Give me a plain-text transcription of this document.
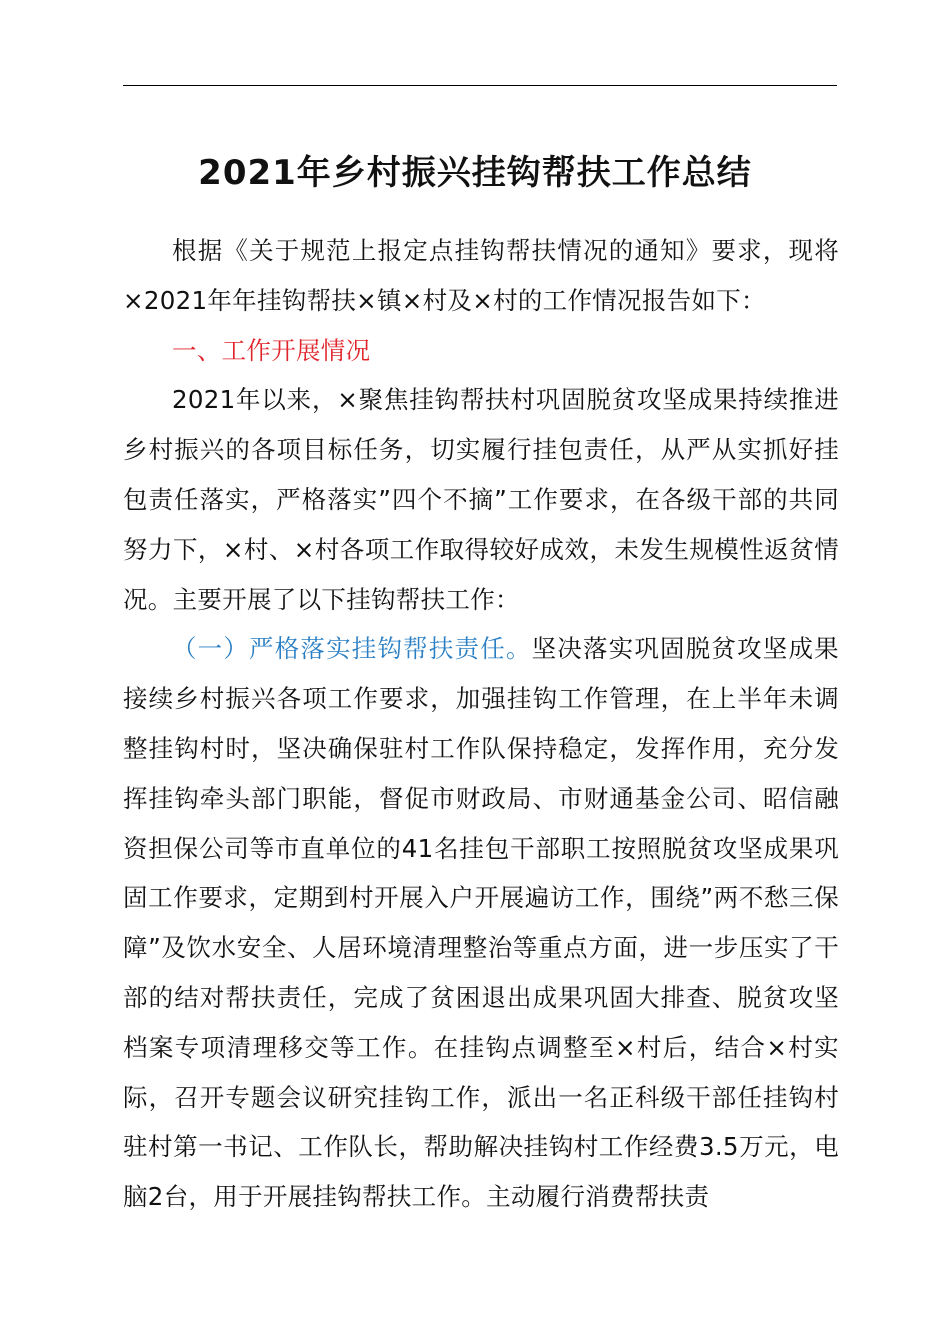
2021年乡村振兴挂钩帮扶工作总结

根据《关于规范上报定点挂钩帮扶情况的通知》要求，现将×2021年年挂钩帮扶×镇×村及×村的工作情况报告如下：

一、工作开展情况

2021年以来，×聚焦挂钩帮扶村巩固脱贫攻坚成果持续推进乡村振兴的各项目标任务，切实履行挂包责任，从严从实抓好挂包责任落实，严格落实”四个不摘”工作要求，在各级干部的共同努力下，×村、×村各项工作取得较好成效，未发生规模性返贫情况。主要开展了以下挂钩帮扶工作：

（一）严格落实挂钩帮扶责任。坚决落实巩固脱贫攻坚成果接续乡村振兴各项工作要求，加强挂钩工作管理，在上半年未调整挂钩村时，坚决确保驻村工作队保持稳定，发挥作用，充分发挥挂钩牵头部门职能，督促市财政局、市财通基金公司、昭信融资担保公司等市直单位的41名挂包干部职工按照脱贫攻坚成果巩固工作要求，定期到村开展入户开展遍访工作，围绕”两不愁三保障”及饮水安全、人居环境清理整治等重点方面，进一步压实了干部的结对帮扶责任，完成了贫困退出成果巩固大排查、脱贫攻坚档案专项清理移交等工作。在挂钩点调整至×村后，结合×村实际，召开专题会议研究挂钩工作，派出一名正科级干部任挂钩村驻村第一书记、工作队长，帮助解决挂钩村工作经费3.5万元，电脑2台，用于开展挂钩帮扶工作。主动履行消费帮扶责
